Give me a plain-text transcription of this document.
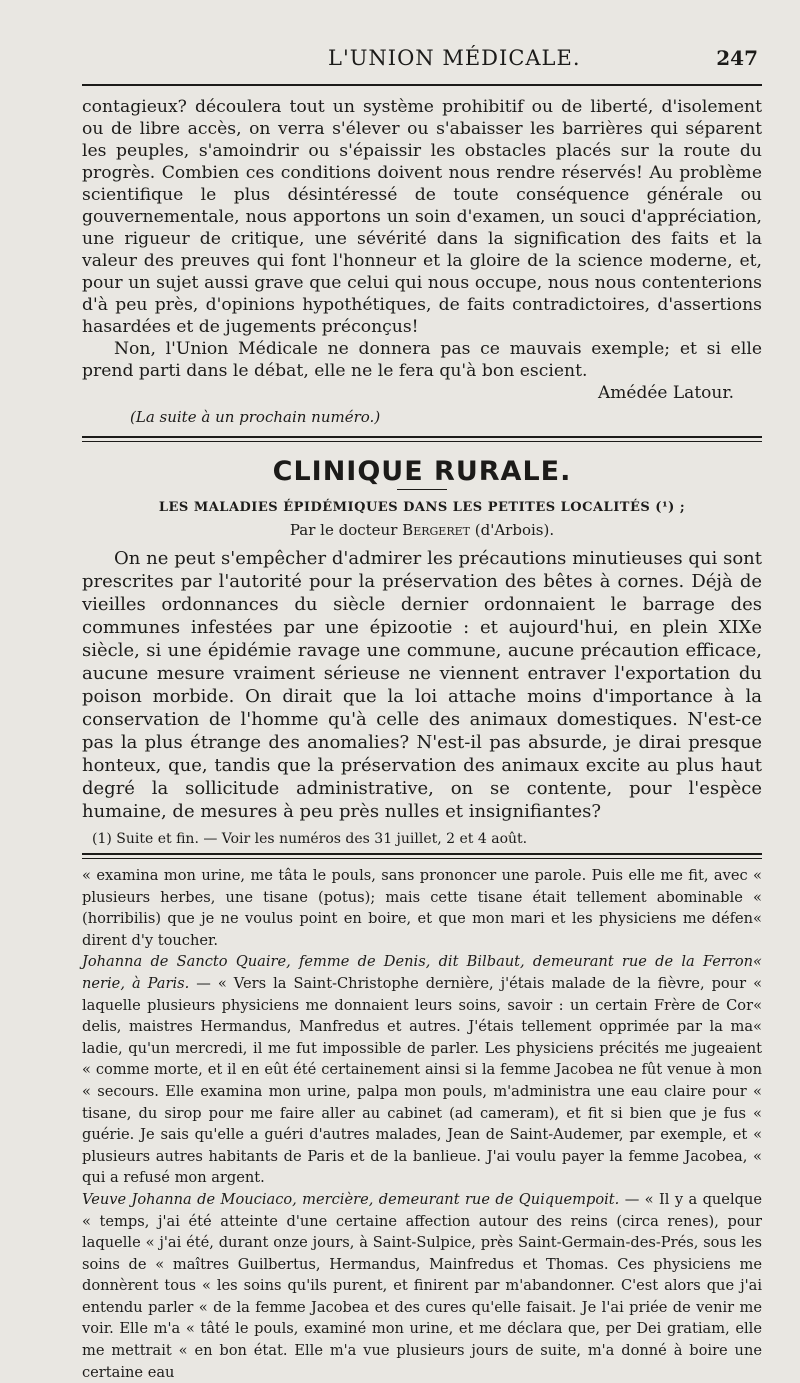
L'UNION MÉDICALE.	247

contagieux? découlera tout un système prohibitif ou de liberté, d'isolement ou de libre accès, on verra s'élever ou s'abaisser les barrières qui séparent les peuples, s'amoindrir ou s'épaissir les obstacles placés sur la route du progrès. Combien ces conditions doivent nous rendre réservés! Au problème scientifique le plus désintéressé de toute conséquence générale ou gouvernementale, nous apportons un soin d'examen, un souci d'appréciation, une rigueur de critique, une sévérité dans la signification des faits et la valeur des preuves qui font l'honneur et la gloire de la science moderne, et, pour un sujet aussi grave que celui qui nous occupe, nous nous contenterions d'à peu près, d'opinions hypothétiques, de faits contradictoires, d'assertions hasardées et de jugements préconçus!

Non, l'Union Médicale ne donnera pas ce mauvais exemple; et si elle prend parti dans le débat, elle ne le fera qu'à bon escient.

Amédée Latour.

(La suite à un prochain numéro.)

CLINIQUE RURALE.
LES MALADIES ÉPIDÉMIQUES DANS LES PETITES LOCALITÉS (¹) ;
Par le docteur Bergeret (d'Arbois).

On ne peut s'empêcher d'admirer les précautions minutieuses qui sont prescrites par l'autorité pour la préservation des bêtes à cornes. Déjà de vieilles ordonnances du siècle dernier ordonnaient le barrage des communes infestées par une épizootie : et aujourd'hui, en plein XIXe siècle, si une épidémie ravage une commune, aucune précaution efficace, aucune mesure vraiment sérieuse ne viennent entraver l'exportation du poison morbide. On dirait que la loi attache moins d'importance à la conservation de l'homme qu'à celle des animaux domestiques. N'est-ce pas la plus étrange des anomalies? N'est-il pas absurde, je dirai presque honteux, que, tandis que la préservation des animaux excite au plus haut degré la sollicitude administrative, on se contente, pour l'espèce humaine, de mesures à peu près nulles et insignifiantes?

(1) Suite et fin. — Voir les numéros des 31 juillet, 2 et 4 août.

« examina mon urine, me tâta le pouls, sans prononcer une parole. Puis elle me fit, avec « plusieurs herbes, une tisane (potus); mais cette tisane était tellement abominable « (horribilis) que je ne voulus point en boire, et que mon mari et les physiciens me défen« dirent d'y toucher.

Johanna de Sancto Quaire, femme de Denis, dit Bilbaut, demeurant rue de la Ferron« nerie, à Paris. — « Vers la Saint-Christophe dernière, j'étais malade de la fièvre, pour « laquelle plusieurs physiciens me donnaient leurs soins, savoir : un certain Frère de Cor« delis, maistres Hermandus, Manfredus et autres. J'étais tellement opprimée par la ma« ladie, qu'un mercredi, il me fut impossible de parler. Les physiciens précités me jugeaient « comme morte, et il en eût été certainement ainsi si la femme Jacobea ne fût venue à mon « secours. Elle examina mon urine, palpa mon pouls, m'administra une eau claire pour « tisane, du sirop pour me faire aller au cabinet (ad cameram), et fit si bien que je fus « guérie. Je sais qu'elle a guéri d'autres malades, Jean de Saint-Audemer, par exemple, et « plusieurs autres habitants de Paris et de la banlieue. J'ai voulu payer la femme Jacobea, « qui a refusé mon argent.

Veuve Johanna de Mouciaco, mercière, demeurant rue de Quiquempoit. — « Il y a quelque « temps, j'ai été atteinte d'une certaine affection autour des reins (circa renes), pour laquelle « j'ai été, durant onze jours, à Saint-Sulpice, près Saint-Germain-des-Prés, sous les soins de « maîtres Guilbertus, Hermandus, Mainfredus et Thomas. Ces physiciens me donnèrent tous « les soins qu'ils purent, et finirent par m'abandonner. C'est alors que j'ai entendu parler « de la femme Jacobea et des cures qu'elle faisait. Je l'ai priée de venir me voir. Elle m'a « tâté le pouls, examiné mon urine, et me déclara que, per Dei gratiam, elle me mettrait « en bon état. Elle m'a vue plusieurs jours de suite, m'a donné à boire une certaine eau
